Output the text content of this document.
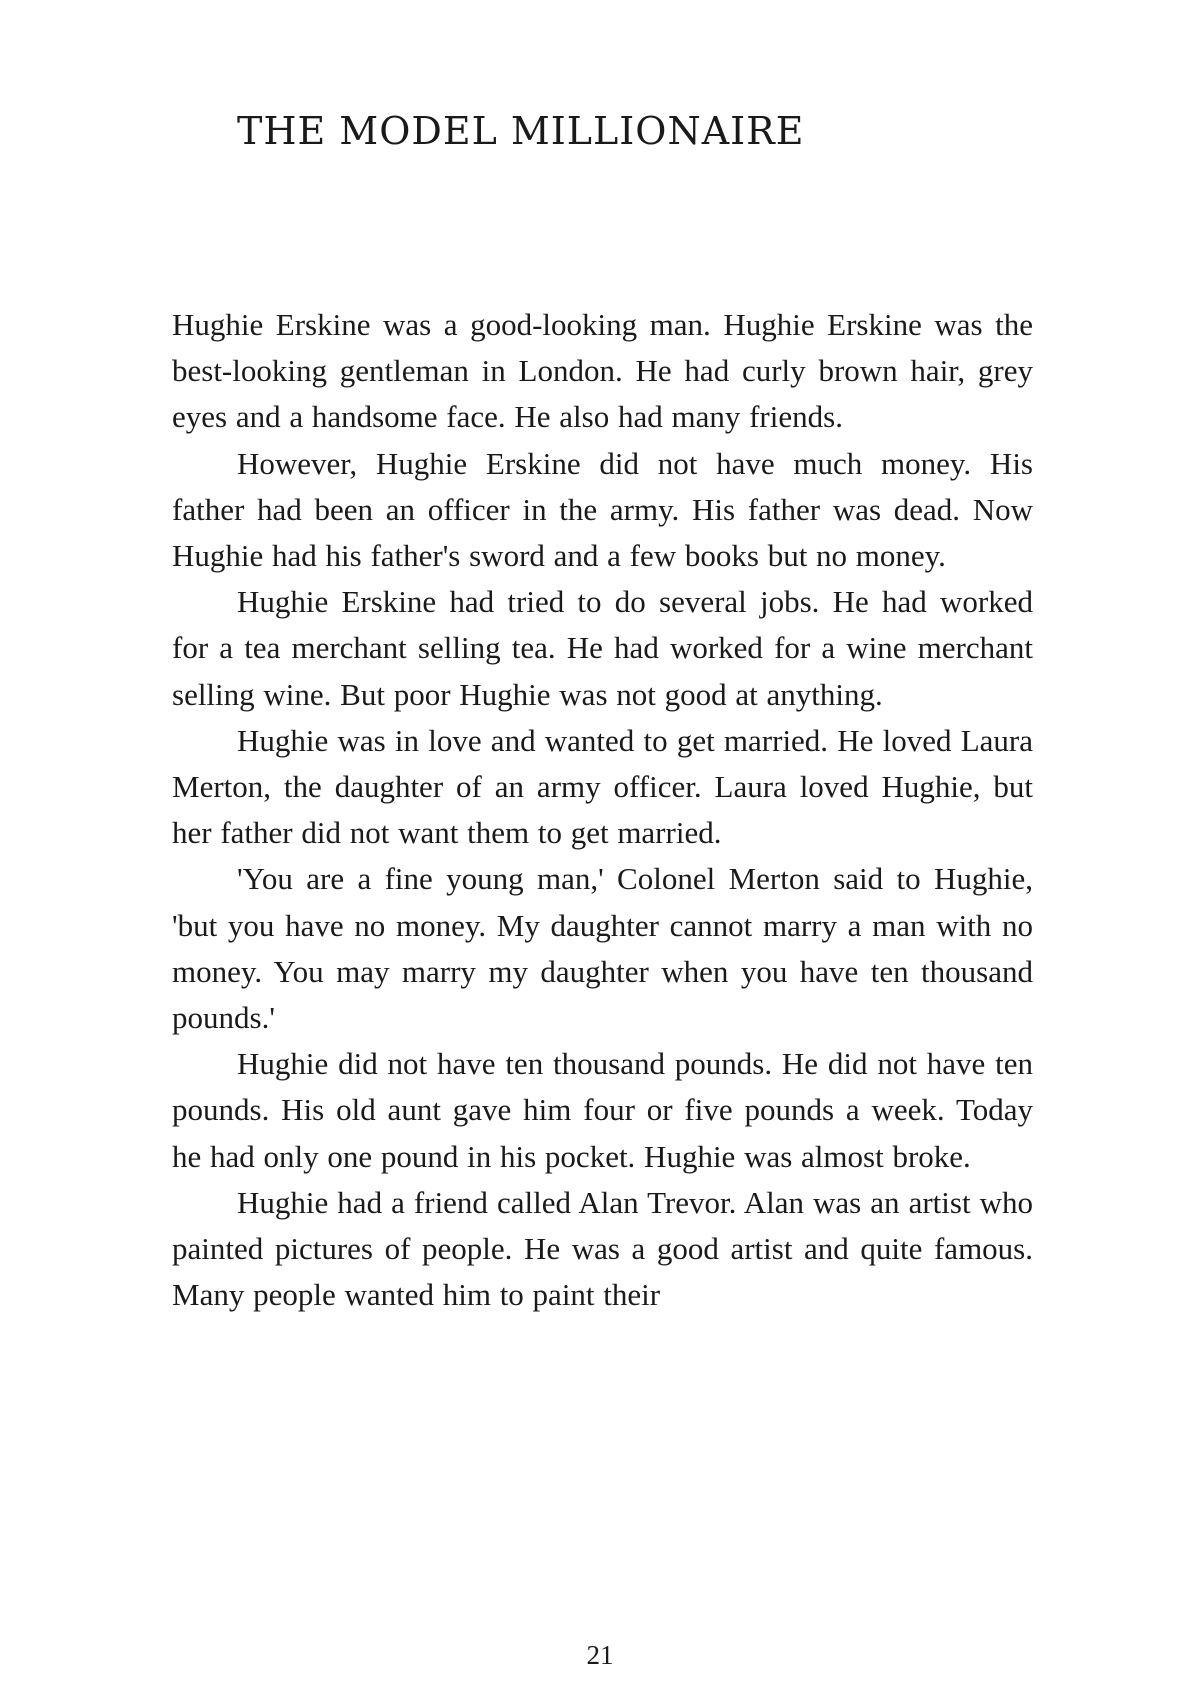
THE MODEL MILLIONAIRE

Hughie Erskine was a good-looking man. Hughie Erskine was the best-looking gentleman in London. He had curly brown hair, grey eyes and a handsome face. He also had many friends.

However, Hughie Erskine did not have much money. His father had been an officer in the army. His father was dead. Now Hughie had his father's sword and a few books but no money.

Hughie Erskine had tried to do several jobs. He had worked for a tea merchant selling tea. He had worked for a wine merchant selling wine. But poor Hughie was not good at anything.

Hughie was in love and wanted to get married. He loved Laura Merton, the daughter of an army officer. Laura loved Hughie, but her father did not want them to get married.

'You are a fine young man,' Colonel Merton said to Hughie, 'but you have no money. My daughter cannot marry a man with no money. You may marry my daughter when you have ten thousand pounds.'

Hughie did not have ten thousand pounds. He did not have ten pounds. His old aunt gave him four or five pounds a week. Today he had only one pound in his pocket. Hughie was almost broke.

Hughie had a friend called Alan Trevor. Alan was an artist who painted pictures of people. He was a good artist and quite famous. Many people wanted him to paint their

21
